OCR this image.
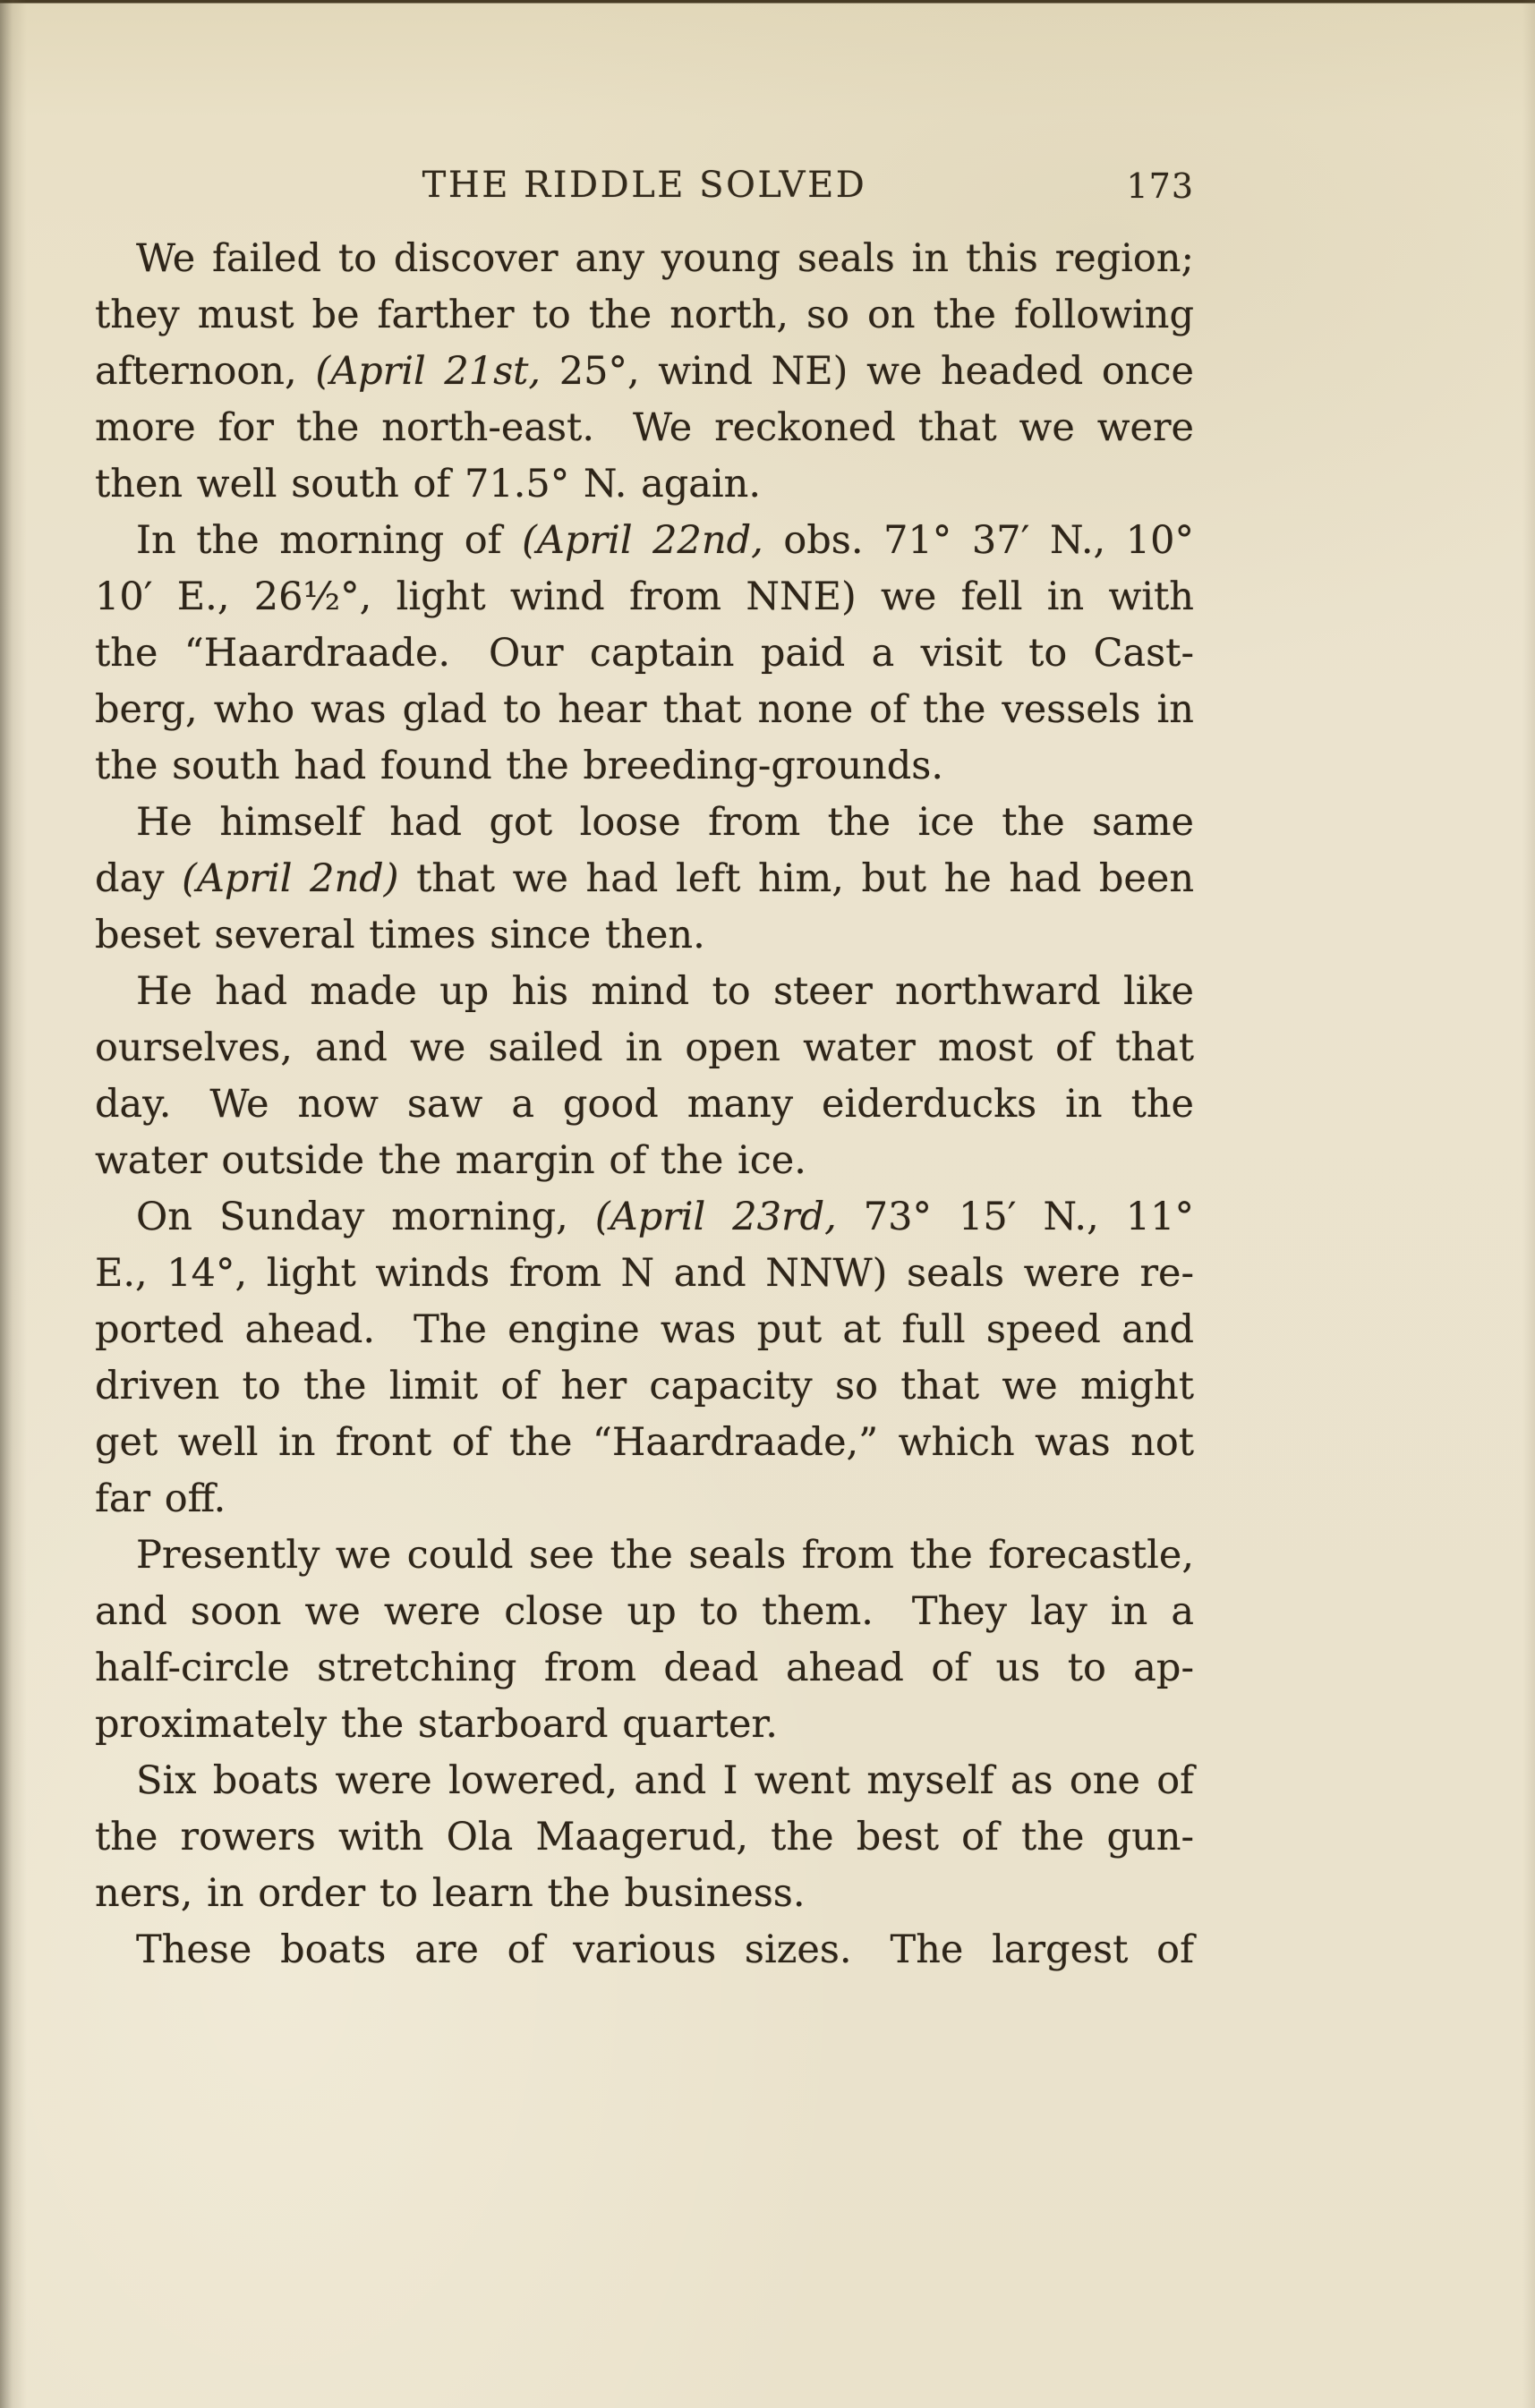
THE RIDDLE SOLVED	173
We failed to discover any young seals in this region;
they must be farther to the north, so on the following
afternoon, (April 21st, 25°, wind NE) we headed once
more for the north-east. We reckoned that we were
then well south of 71.5° N. again.
In the morning of (April 22nd, obs. 71° 37′ N., 10°
10′ E., 26½°, light wind from NNE) we fell in with
the “Haardraade. Our captain paid a visit to Cast-
berg, who was glad to hear that none of the vessels in
the south had found the breeding-grounds.
He himself had got loose from the ice the same
day (April 2nd) that we had left him, but he had been
beset several times since then.
He had made up his mind to steer northward like
ourselves, and we sailed in open water most of that
day. We now saw a good many eiderducks in the
water outside the margin of the ice.
On Sunday morning, (April 23rd, 73° 15′ N., 11°
E., 14°, light winds from N and NNW) seals were re-
ported ahead. The engine was put at full speed and
driven to the limit of her capacity so that we might
get well in front of the “Haardraade,” which was not
far off.
Presently we could see the seals from the forecastle,
and soon we were close up to them. They lay in a
half-circle stretching from dead ahead of us to ap-
proximately the starboard quarter.
Six boats were lowered, and I went myself as one of
the rowers with Ola Maagerud, the best of the gun-
ners, in order to learn the business.
These boats are of various sizes. The largest of
